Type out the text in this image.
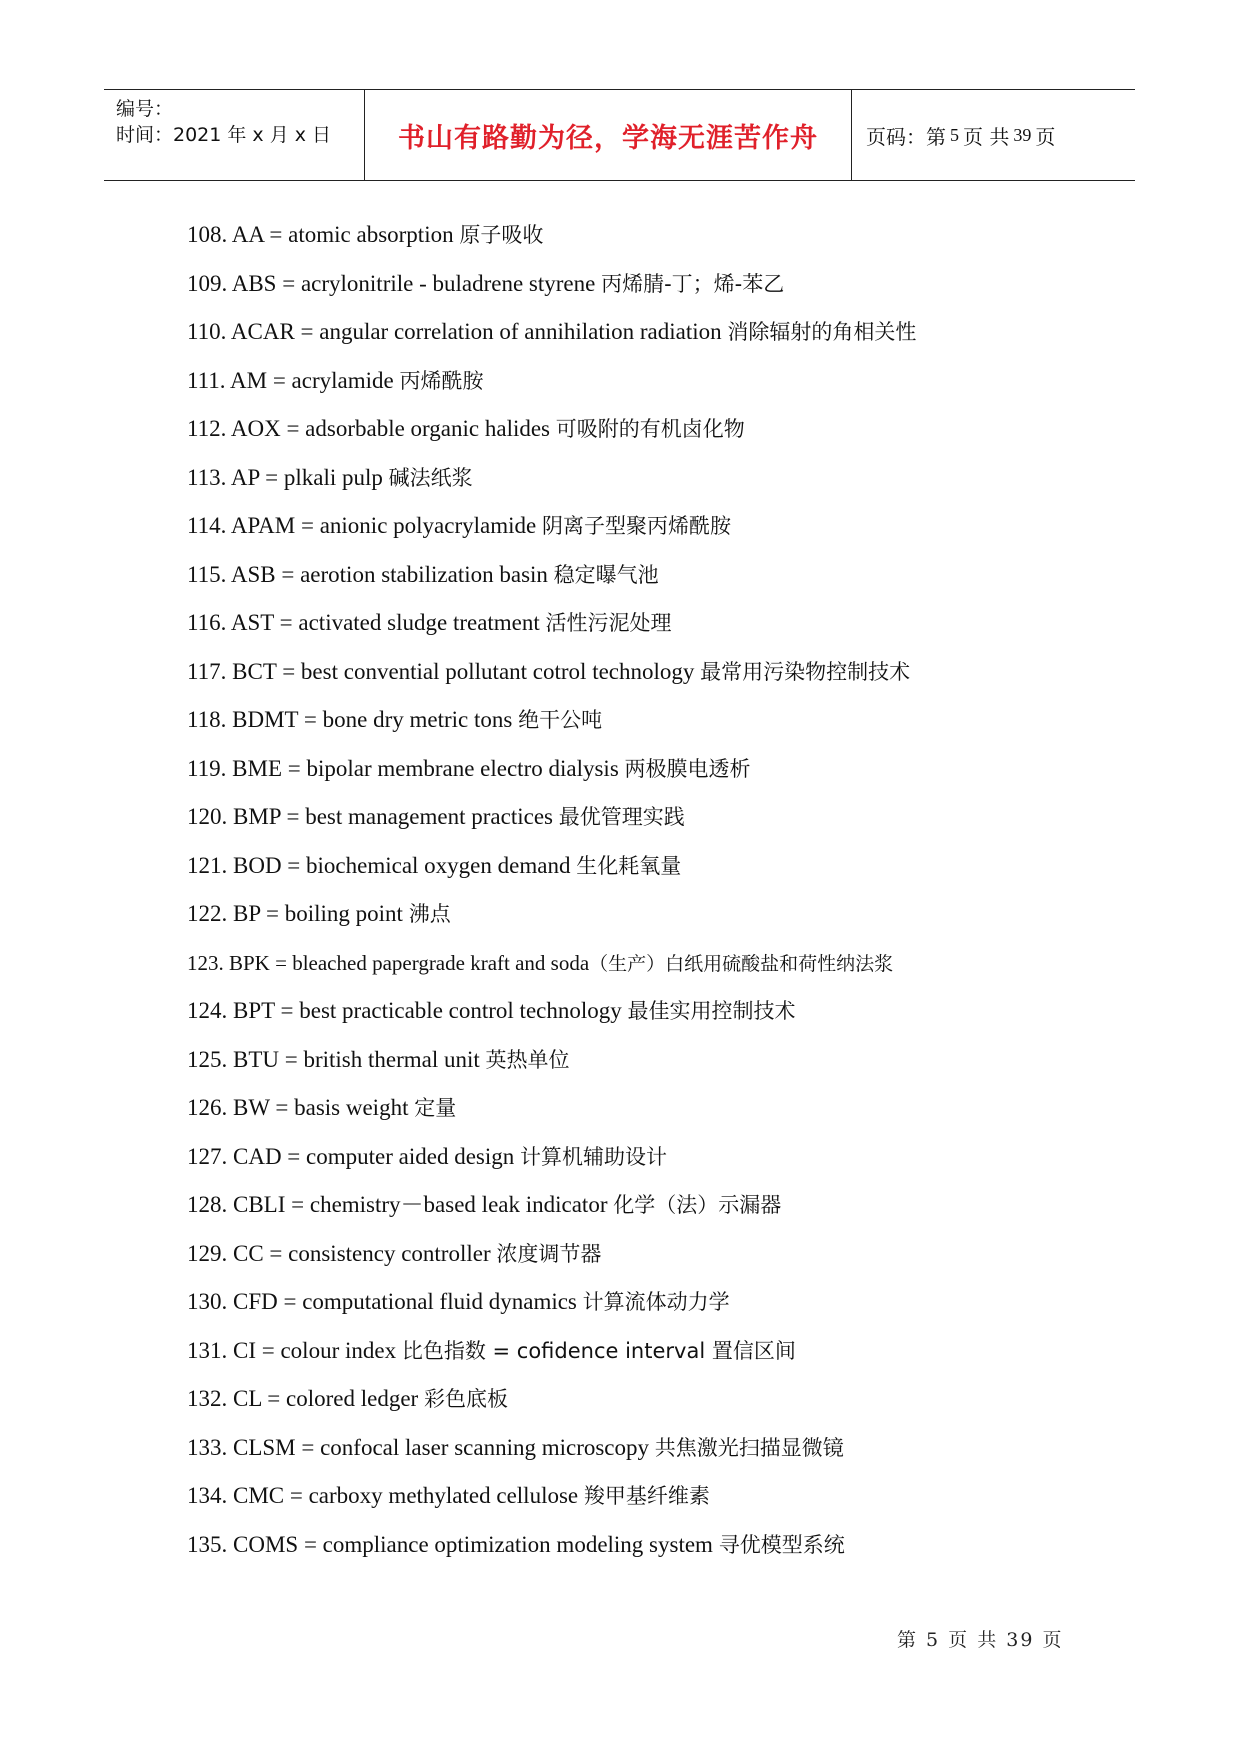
编号：
时间：2021 年 x 月 x 日	书山有路勤为径，学海无涯苦作舟	页码：第 5 页 共 39 页
108. AA = atomic absorption 原子吸收
109. ABS = acrylonitrile - buladrene styrene 丙烯腈-丁；烯-苯乙
110. ACAR = angular correlation of annihilation radiation 消除辐射的角相关性
111. AM = acrylamide 丙烯酰胺
112. AOX = adsorbable organic halides 可吸附的有机卤化物
113. AP = plkali pulp 碱法纸浆
114. APAM = anionic polyacrylamide 阴离子型聚丙烯酰胺
115. ASB = aerotion stabilization basin 稳定曝气池
116. AST = activated sludge treatment 活性污泥处理
117. BCT = best convential pollutant cotrol technology 最常用污染物控制技术
118. BDMT = bone dry metric tons 绝干公吨
119. BME = bipolar membrane electro dialysis 两极膜电透析
120. BMP = best management practices 最优管理实践
121. BOD = biochemical oxygen demand 生化耗氧量
122. BP = boiling point 沸点
123. BPK = bleached papergrade kraft and soda（生产）白纸用硫酸盐和荷性纳法浆
124. BPT = best practicable control technology 最佳实用控制技术
125. BTU = british thermal unit 英热单位
126. BW = basis weight 定量
127. CAD = computer aided design 计算机辅助设计
128. CBLI = chemistry－based leak indicator 化学（法）示漏器
129. CC = consistency controller 浓度调节器
130. CFD = computational fluid dynamics 计算流体动力学
131. CI = colour index 比色指数 = cofidence interval 置信区间
132. CL = colored ledger 彩色底板
133. CLSM = confocal laser scanning microscopy 共焦激光扫描显微镜
134. CMC = carboxy methylated cellulose 羧甲基纤维素
135. COMS = compliance optimization modeling system 寻优模型系统
第 5 页 共 39 页
